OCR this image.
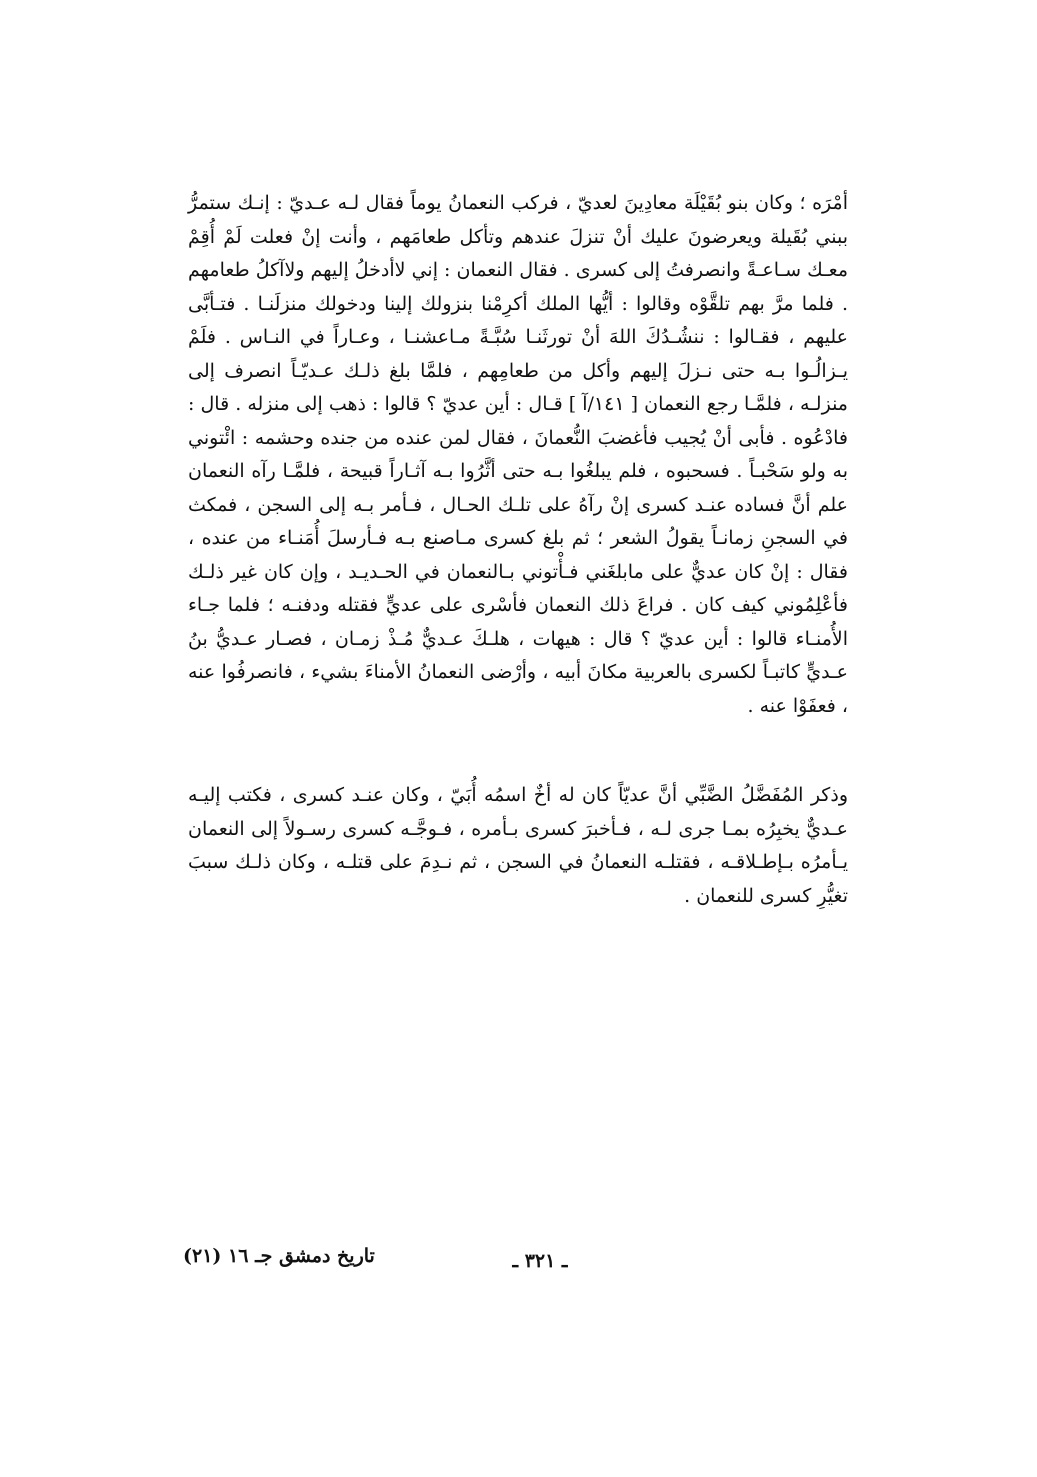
أمْرَه ؛ وكان بنو بُقَيْلَة معادِينَ لعديّ ، فركب النعمانُ يوماً فقال لـه عـديّ : إنـك ستمرُّ ببني بُقَيلة ويعرضونَ عليك أنْ تنزلَ عندهم وتأكل طعامَهم ، وأنت إنْ فعلت لَمْ أُقِمْ معـك سـاعـةً وانصرفتُ إلى كسرى . فقال النعمان : إني لاأدخلُ إليهم ولاآكلُ طعامهم . فلما مرَّ بهم تلقَّوْه وقالوا : أيُّها الملك أكرِمْنا بنزولك إلينا ودخولك منزلَنـا . فتـأبَّى عليهم ، فقـالوا : ننشُـدُكَ اللهَ أنْ تورثَنـا سُبَّـةً مـاعشنـا ، وعـاراً في النـاس . فلَمْ يـزالُـوا بـه حتى نـزلَ إليهم وأكل من طعامِهم ، فلمَّا بلغ ذلـك عـديّـاً انصرف إلى منزلـه ، فلمَّـا رجع النعمان [ ١٤١/آ ] قـال : أين عديّ ؟ قالوا : ذهب إلى منزله . قال : فادْعُوه . فأبى أنْ يُجيب فأغضبَ النُّعمانَ ، فقال لمن عنده من جنده وحشمه : ائْتوني به ولو سَحْبـاً . فسحبوه ، فلم يبلغُوا بـه حتى أثَّرُوا بـه آثـاراً قبيحة ، فلمَّـا رآه النعمان علم أنَّ فساده عنـد كسرى إنْ رآهُ على تلـك الحـال ، فـأمر بـه إلى السجن ، فمكث في السجنِ زمانـاً يقولُ الشعر ؛ ثم بلغ كسرى مـاصنع بـه فـأرسلَ أُمَنـاء من عنده ، فقال : إنْ كان عديٌّ على مابلغَني فـأْتوني بـالنعمان في الحـديـد ، وإن كان غير ذلـك فأعْلِمُوني كيف كان . فراعَ ذلك النعمان فأسْرى على عديٍّ فقتله ودفنـه ؛ فلما جـاء الأُمنـاء قالوا : أين عديّ ؟ قال : هيهات ، هلـكَ عـديٌّ مُـذْ زمـان ، فصـار عـديُّ بنُ عـديٍّ كاتبـاً لكسرى بالعربية مكانَ أبيه ، وأرْضى النعمانُ الأمناءَ بشيء ، فانصرفُوا عنه ، فعفَوْا عنه .

وذكر المُفَضَّلُ الضَّبِّي أنَّ عديّاً كان له أخٌ اسمُه أُبَيّ ، وكان عنـد كسرى ، فكتب إليـه عـديٌّ يخبِرُه بمـا جرى لـه ، فـأخبرَ كسرى بـأمره ، فـوجَّـه كسرى رسـولاً إلى النعمان يـأمرُه بـإطـلاقـه ، فقتلـه النعمانُ في السجن ، ثم نـدِمَ على قتلـه ، وكان ذلـك سببَ تغيُّرِ كسرى للنعمان .

تاريخ دمشق جـ ١٦ (٢١)	ـ ٣٢١ ـ
